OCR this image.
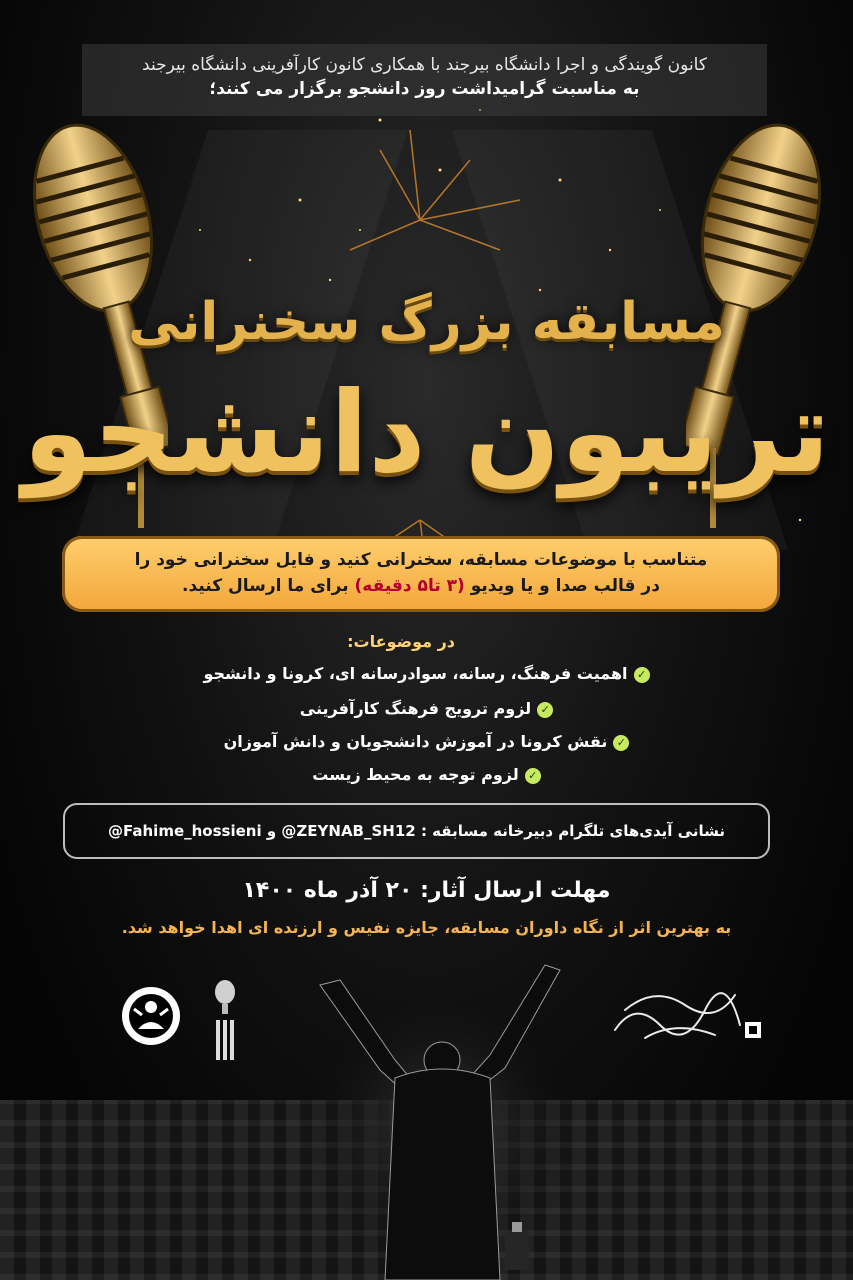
کانون گویندگی و اجرا دانشگاه بیرجند با همکاری کانون کارآفرینی دانشگاه بیرجند

به مناسبت گرامیداشت روز دانشجو برگزار می کنند؛

مسابقه بزرگ سخنرانی
تریبون دانشجو

متناسب با موضوعات مسابقه، سخنرانی کنید و فایل سخنرانی خود را

در قالب صدا و یا ویدیو (۳ تا۵ دقیقه) برای ما ارسال کنید.

در موضوعات:
✓اهمیت فرهنگ، رسانه، سوادرسانه ای، کرونا و دانشجو
✓لزوم ترویج فرهنگ کارآفرینی
✓نقش کرونا در آموزش دانشجویان و دانش آموزان
✓لزوم توجه به محیط زیست
نشانی آیدی‌های تلگرام دبیرخانه مسابقه : @ZEYNAB_SH12 و @Fahime_hossieni
مهلت ارسال آثار: ۲۰ آذر ماه ۱۴۰۰
به بهترین اثر از نگاه داوران مسابقه، جایزه نفیس و ارزنده ای اهدا خواهد شد.
